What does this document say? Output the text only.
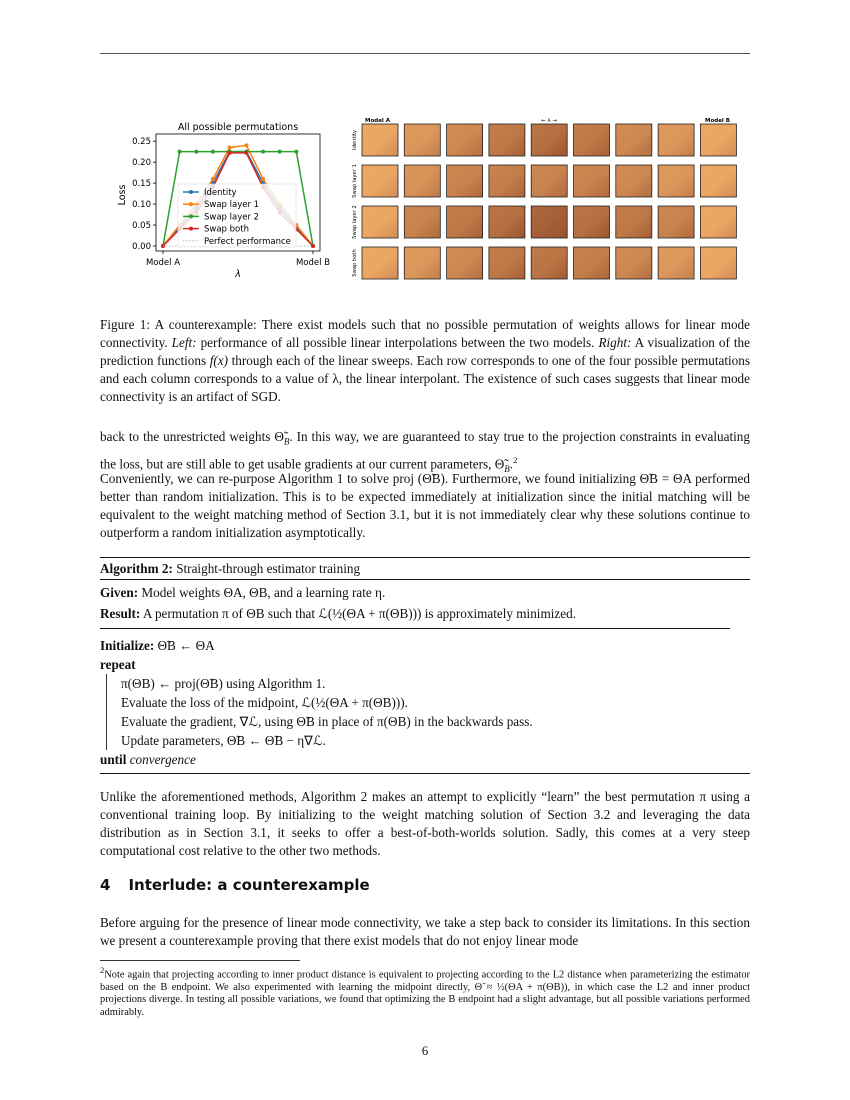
All possible permutations
0.00
0.05
0.10
0.15
0.20
0.25
Model A	Model B
Loss
λ
Identity
Swap layer 1
Swap layer 2
Swap both
Perfect performance
Model A	← λ →	Model B
Identity
Swap layer 1
Swap layer 2
Swap both
Figure 1: A counterexample: There exist models such that no possible permutation of weights allows for linear mode connectivity. Left: performance of all possible linear interpolations between the two models. Right: A visualization of the prediction functions f(x) through each of the linear sweeps. Each row corresponds to one of the four possible permutations and each column corresponds to a value of λ, the linear interpolant. The existence of such cases suggests that linear mode connectivity is an artifact of SGD.

back to the unrestricted weights $\Thetã_B$. In this way, we are guaranteed to stay true to the projection constraints in evaluating the loss, but are still able to get usable gradients at our current parameters, $\Thetã_B.^2$

Conveniently, we can re-purpose Algorithm 1 to solve proj (Θ̃B). Furthermore, we found initializing Θ̃B = ΘA performed better than random initialization. This is to be expected immediately at initialization since the initial matching will be equivalent to the weight matching method of Section 3.1, but it is not immediately clear why these solutions continue to outperform a random initialization asymptotically.

Algorithm 2: Straight-through estimator training
Given: Model weights ΘA, ΘB, and a learning rate η.
Result: A permutation π of ΘB such that ℒ(½(ΘA + π(ΘB))) is approximately minimized.
Initialize: Θ̃B ← ΘA
repeat
π(ΘB) ← proj(Θ̃B) using Algorithm 1.
Evaluate the loss of the midpoint, ℒ(½(ΘA + π(ΘB))).
Evaluate the gradient, ∇ℒ, using Θ̃B in place of π(ΘB) in the backwards pass.
Update parameters, Θ̃B ← Θ̃B − η∇ℒ.
until convergence

Unlike the aforementioned methods, Algorithm 2 makes an attempt to explicitly “learn” the best permutation π using a conventional training loop. By initializing to the weight matching solution of Section 3.2 and leveraging the data distribution as in Section 3.1, it seeks to offer a best-of-both-worlds solution. Sadly, this comes at a very steep computational cost relative to the other two methods.

4 Interlude: a counterexample

Before arguing for the presence of linear mode connectivity, we take a step back to consider its limitations. In this section we present a counterexample proving that there exist models that do not enjoy linear mode

$^2$Note again that projecting according to inner product distance is equivalent to projecting according to the L2 distance when parameterizing the estimator based on the B endpoint. We also experimented with learning the midpoint directly, Θ̃ ≈ ½(ΘA + π(ΘB)), in which case the L2 and inner product projections diverge. In testing all possible variations, we found that optimizing the B endpoint had a slight advantage, but all possible variations performed admirably.
6
